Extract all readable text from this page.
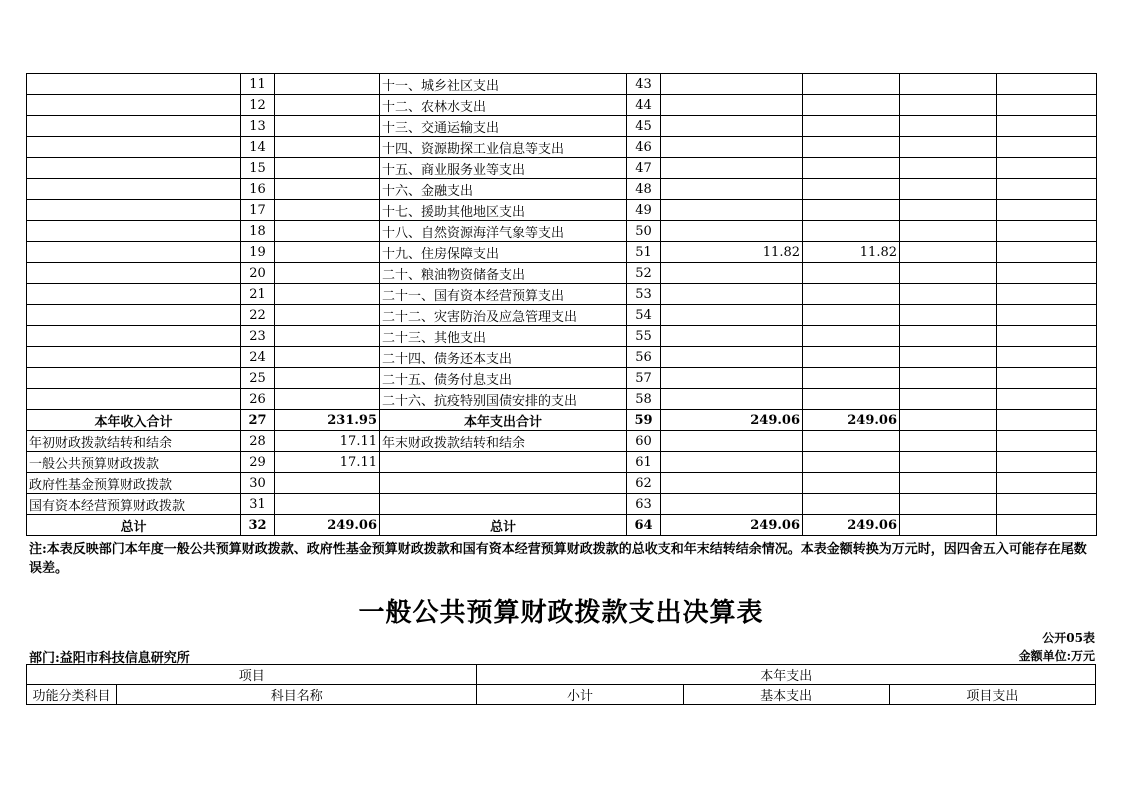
	11		十一、城乡社区支出	43				
	12		十二、农林水支出	44				
	13		十三、交通运输支出	45				
	14		十四、资源勘探工业信息等支出	46				
	15		十五、商业服务业等支出	47				
	16		十六、金融支出	48				
	17		十七、援助其他地区支出	49				
	18		十八、自然资源海洋气象等支出	50				
	19		十九、住房保障支出	51	11.82	11.82		
	20		二十、粮油物资储备支出	52				
	21		二十一、国有资本经营预算支出	53				
	22		二十二、灾害防治及应急管理支出	54				
	23		二十三、其他支出	55				
	24		二十四、债务还本支出	56				
	25		二十五、债务付息支出	57				
	26		二十六、抗疫特别国债安排的支出	58				
本年收入合计	27	231.95	本年支出合计	59	249.06	249.06		
年初财政拨款结转和结余	28	17.11	年末财政拨款结转和结余	60				
一般公共预算财政拨款	29	17.11		61				
政府性基金预算财政拨款	30			62				
国有资本经营预算财政拨款	31			63				
总计	32	249.06	总计	64	249.06	249.06		
注:本表反映部门本年度一般公共预算财政拨款、政府性基金预算财政拨款和国有资本经营预算财政拨款的总收支和年末结转结余情况。本表金额转换为万元时，因四舍五入可能存在尾数误差。
一般公共预算财政拨款支出决算表
公开05表
部门:益阳市科技信息研究所	金额单位:万元
项目		本年支出		
功能分类科目	科目名称	小计	基本支出	项目支出
